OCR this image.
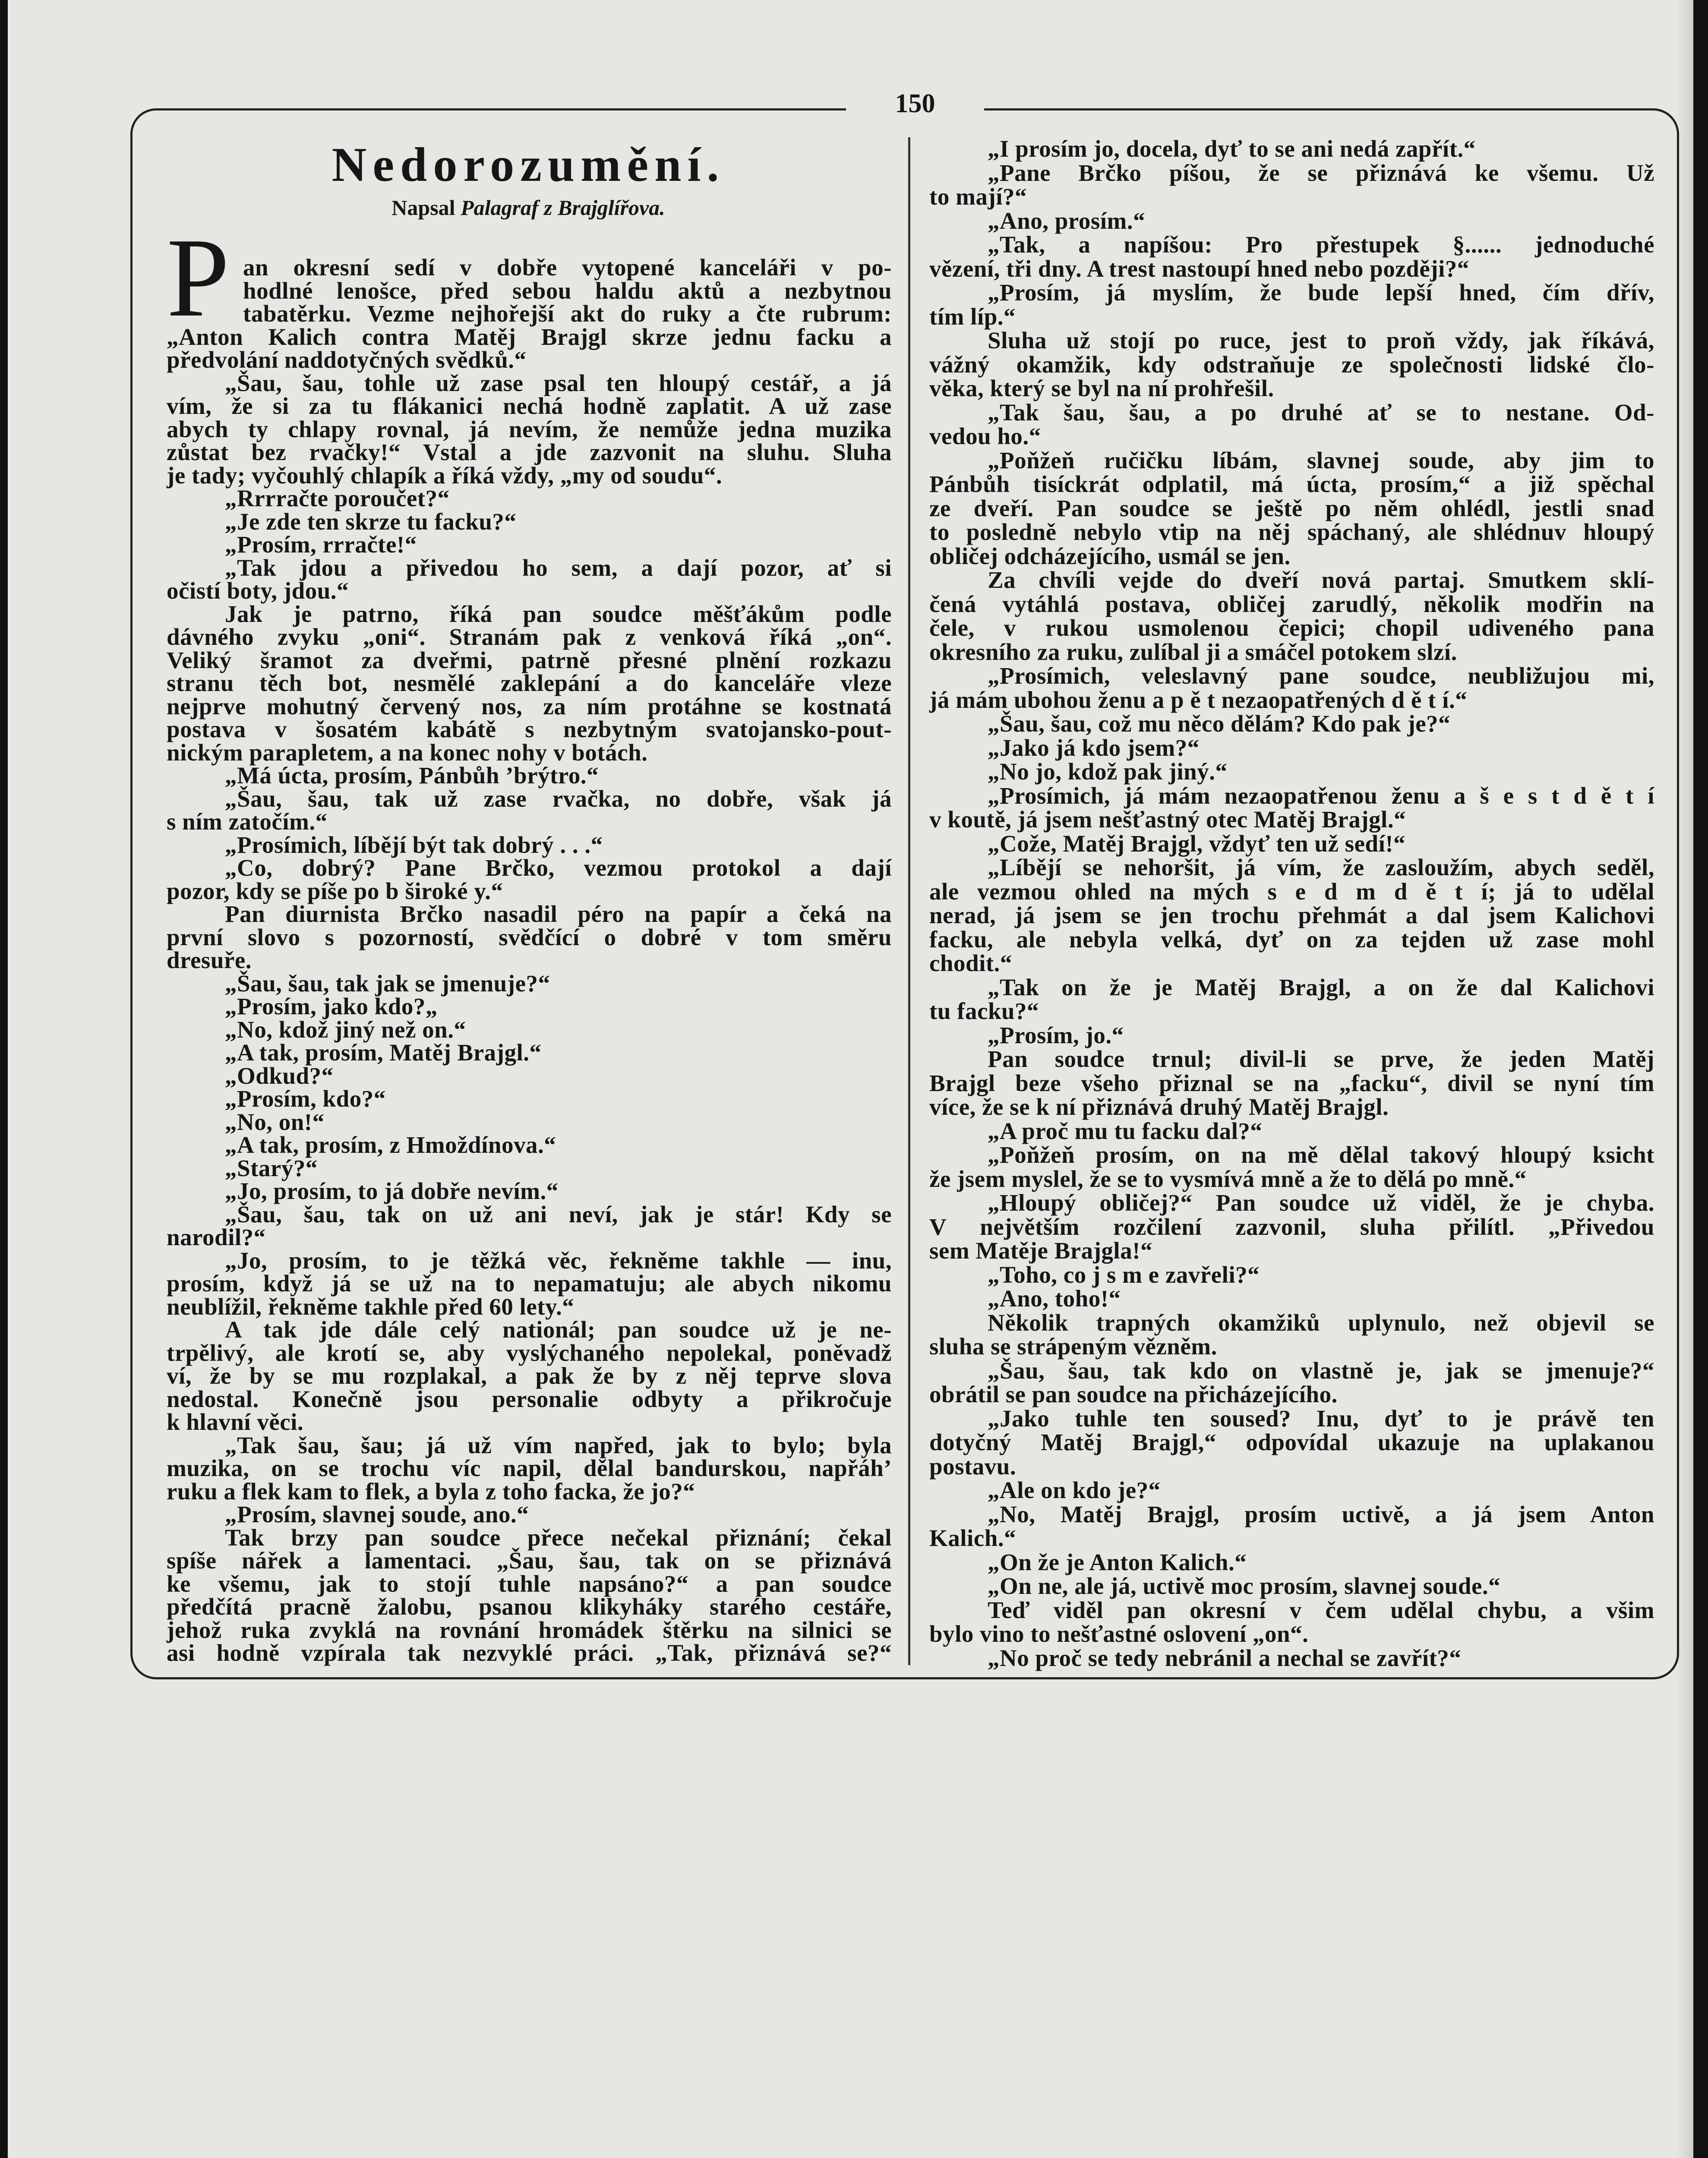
150
Nedorozumění.
Napsal Palagraf z Brajglířova.
P an okresní sedí v dobře vytopené kanceláři v po-
hodlné lenošce, před sebou haldu aktů a nezbytnou
tabatěrku. Vezme nejhořejší akt do ruky a čte rubrum:
„Anton Kalich contra Matěj Brajgl skrze jednu facku a
předvolání naddotyčných svědků.“
„Šau, šau, tohle už zase psal ten hloupý cestář, a já
vím, že si za tu flákanici nechá hodně zaplatit. A už zase
abych ty chlapy rovnal, já nevím, že nemůže jedna muzika
zůstat bez rvačky!“ Vstal a jde zazvonit na sluhu. Sluha
je tady; vyčouhlý chlapík a říká vždy, „my od soudu“.
„Rrrračte poroučet?“
„Je zde ten skrze tu facku?“
„Prosím, rrračte!“
„Tak jdou a přivedou ho sem, a dají pozor, ať si
očistí boty, jdou.“
Jak je patrno, říká pan soudce měšťákům podle
dávného zvyku „oni“. Stranám pak z venková říká „on“.
Veliký šramot za dveřmi, patrně přesné plnění rozkazu
stranu těch bot, nesmělé zaklepání a do kanceláře vleze
nejprve mohutný červený nos, za ním protáhne se kostnatá
postava v šosatém kabátě s nezbytným svatojansko-pout-
nickým parapletem, a na konec nohy v botách.
„Má úcta, prosím, Pánbůh ’brýtro.“
„Šau, šau, tak už zase rvačka, no dobře, však já
s ním zatočím.“
„Prosímich, líbějí být tak dobrý . . .“
„Co, dobrý? Pane Brčko, vezmou protokol a dají
pozor, kdy se píše po b široké y.“
Pan diurnista Brčko nasadil péro na papír a čeká na
první slovo s pozorností, svědčící o dobré v tom směru
dresuře.
„Šau, šau, tak jak se jmenuje?“
„Prosím, jako kdo?„
„No, kdož jiný než on.“
„A tak, prosím, Matěj Brajgl.“
„Odkud?“
„Prosím, kdo?“
„No, on!“
„A tak, prosím, z Hmoždínova.“
„Starý?“
„Jo, prosím, to já dobře nevím.“
„Šau, šau, tak on už ani neví, jak je stár! Kdy se
narodil?“
„Jo, prosím, to je těžká věc, řekněme takhle — inu,
prosím, když já se už na to nepamatuju; ale abych nikomu
neublížil, řekněme takhle před 60 lety.“
A tak jde dále celý nationál; pan soudce už je ne-
trpělivý, ale krotí se, aby vyslýchaného nepolekal, poněvadž
ví, že by se mu rozplakal, a pak že by z něj teprve slova
nedostal. Konečně jsou personalie odbyty a přikročuje
k hlavní věci.
„Tak šau, šau; já už vím napřed, jak to bylo; byla
muzika, on se trochu víc napil, dělal bandurskou, napřáh’
ruku a flek kam to flek, a byla z toho facka, že jo?“
„Prosím, slavnej soude, ano.“
Tak brzy pan soudce přece nečekal přiznání; čekal
spíše nářek a lamentaci. „Šau, šau, tak on se přiznává
ke všemu, jak to stojí tuhle napsáno?“ a pan soudce
předčítá pracně žalobu, psanou klikyháky starého cestáře,
jehož ruka zvyklá na rovnání hromádek štěrku na silnici se
asi hodně vzpírala tak nezvyklé práci. „Tak, přiznává se?“
„I prosím jo, docela, dyť to se ani nedá zapřít.“
„Pane Brčko píšou, že se přiznává ke všemu. Už
to mají?“
„Ano, prosím.“
„Tak, a napíšou: Pro přestupek §...... jednoduché
vězení, tři dny. A trest nastoupí hned nebo později?“
„Prosím, já myslím, že bude lepší hned, čím dřív,
tím líp.“
Sluha už stojí po ruce, jest to proň vždy, jak říkává,
vážný okamžik, kdy odstraňuje ze společnosti lidské člo-
věka, který se byl na ní prohřešil.
„Tak šau, šau, a po druhé ať se to nestane. Od-
vedou ho.“
„Poňžeň ručičku líbám, slavnej soude, aby jim to
Pánbůh tisíckrát odplatil, má úcta, prosím,“ a již spěchal
ze dveří. Pan soudce se ještě po něm ohlédl, jestli snad
to posledně nebylo vtip na něj spáchaný, ale shlédnuv hloupý
obličej odcházejícího, usmál se jen.
Za chvíli vejde do dveří nová partaj. Smutkem sklí-
čená vytáhlá postava, obličej zarudlý, několik modřin na
čele, v rukou usmolenou čepici; chopil udiveného pana
okresního za ruku, zulíbal ji a smáčel potokem slzí.
„Prosímich, veleslavný pane soudce, neubližujou mi,
já mám ubohou ženu a p ě t nezaopatřených d ě t í.“
„Šau, šau, což mu něco dělám? Kdo pak je?“
„Jako já kdo jsem?“
„No jo, kdož pak jiný.“
„Prosímich, já mám nezaopatřenou ženu a š e s t d ě t í
v koutě, já jsem nešťastný otec Matěj Brajgl.“
„Cože, Matěj Brajgl, vždyť ten už sedí!“
„Líbějí se nehoršit, já vím, že zasloužím, abych seděl,
ale vezmou ohled na mých s e d m d ě t í; já to udělal
nerad, já jsem se jen trochu přehmát a dal jsem Kalichovi
facku, ale nebyla velká, dyť on za tejden už zase mohl
chodit.“
„Tak on že je Matěj Brajgl, a on že dal Kalichovi
tu facku?“
„Prosím, jo.“
Pan soudce trnul; divil-li se prve, že jeden Matěj
Brajgl beze všeho přiznal se na „facku“, divil se nyní tím
více, že se k ní přiznává druhý Matěj Brajgl.
„A proč mu tu facku dal?“
„Poňžeň prosím, on na mě dělal takový hloupý ksicht
že jsem myslel, že se to vysmívá mně a že to dělá po mně.“
„Hloupý obličej?“ Pan soudce už viděl, že je chyba.
V největším rozčilení zazvonil, sluha přilítl. „Přivedou
sem Matěje Brajgla!“
„Toho, co j s m e zavřeli?“
„Ano, toho!“
Několik trapných okamžiků uplynulo, než objevil se
sluha se strápeným vězněm.
„Šau, šau, tak kdo on vlastně je, jak se jmenuje?“
obrátil se pan soudce na přicházejícího.
„Jako tuhle ten soused? Inu, dyť to je právě ten
dotyčný Matěj Brajgl,“ odpovídal ukazuje na uplakanou
postavu.
„Ale on kdo je?“
„No, Matěj Brajgl, prosím uctivě, a já jsem Anton
Kalich.“
„On že je Anton Kalich.“
„On ne, ale já, uctivě moc prosím, slavnej soude.“
Teď viděl pan okresní v čem udělal chybu, a všim
bylo vino to nešťastné oslovení „on“.
„No proč se tedy nebránil a nechal se zavřít?“
